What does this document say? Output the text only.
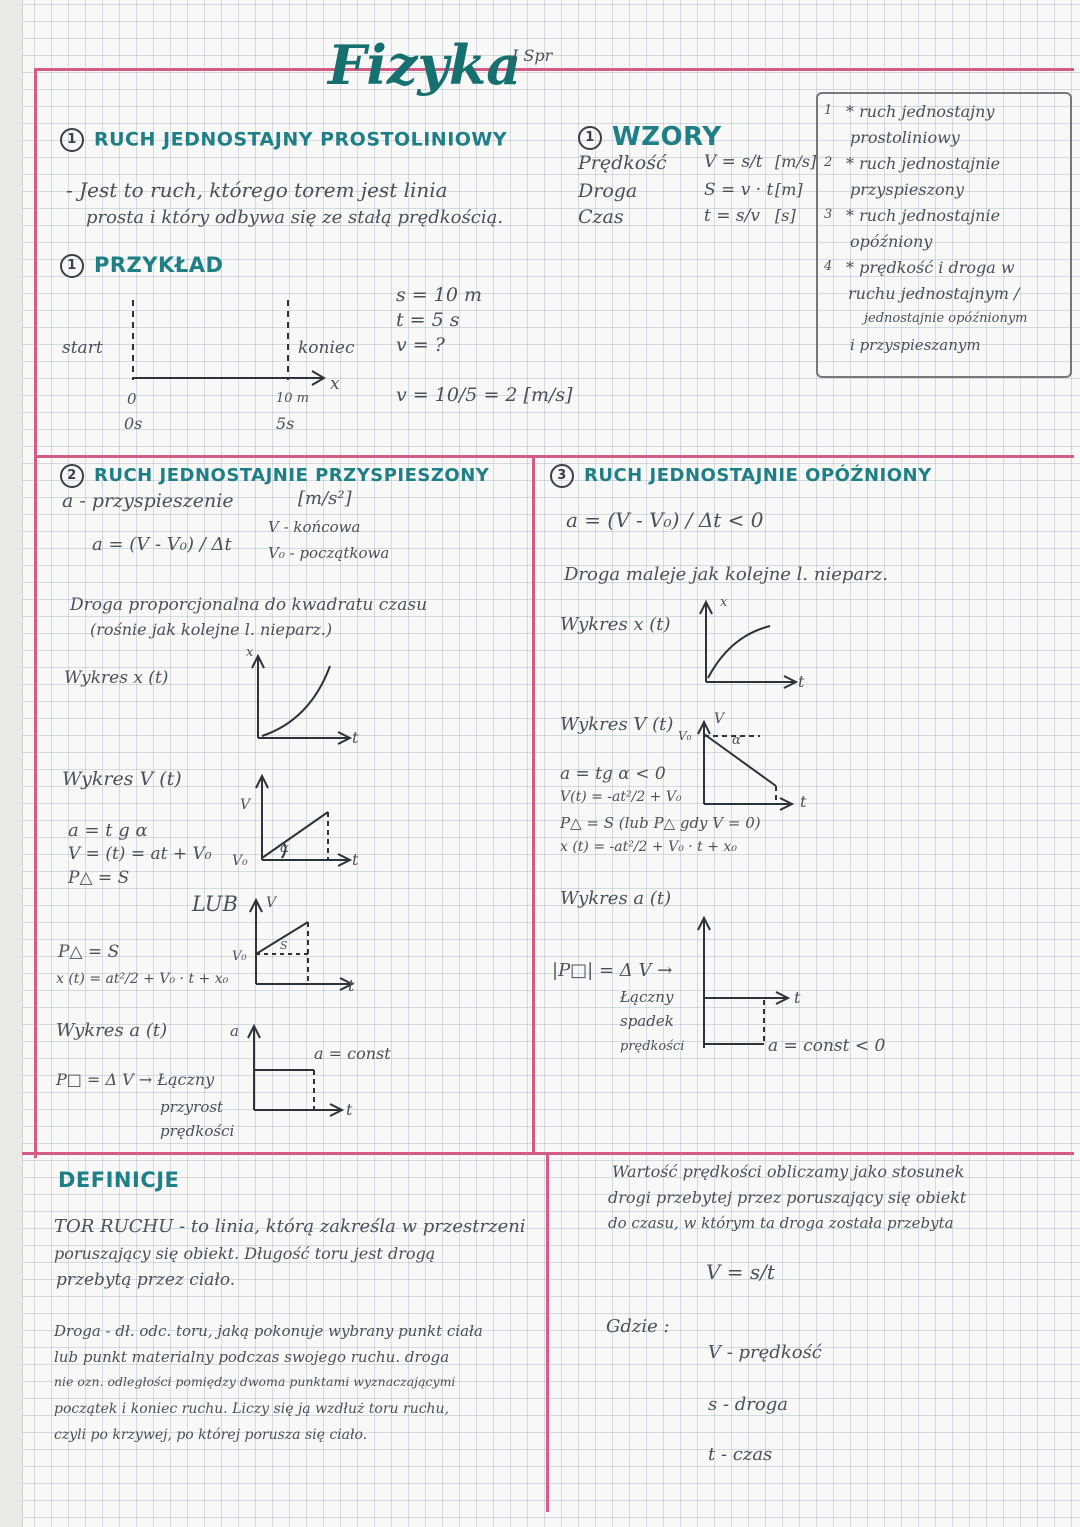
Fizyka
I Spr
1 RUCH JEDNOSTAJNY PROSTOLINIOWY
- Jest to ruch, którego torem jest linia
prosta i który odbywa się ze stałą prędkością.
1 PRZYKŁAD
start	koniec
x
0	10 m
0s	5s
s = 10 m
t = 5 s
v = ?
v = 10/5 = 2 [m/s]
1 WZORY
Prędkość V = s/t [m/s]
Droga	S = v · t [m]
Czas	t = s/v [s]
1 * ruch jednostajny
prostoliniowy
2 * ruch jednostajnie
przyspieszony
3 * ruch jednostajnie
opóźniony
4 * prędkość i droga w
ruchu jednostajnym /
jednostajnie opóźnionym
i przyspieszanym
2 RUCH JEDNOSTAJNIE PRZYSPIESZONY
a - przyspieszenie	[m/s²]
a = (V - V₀) / Δt
V - końcowa
V₀ - początkowa
Droga proporcjonalna do kwadratu czasu
(rośnie jak kolejne l. nieparz.)
Wykres x (t)
x
t
Wykres V (t)
a = t g α
V = (t) = at + V₀
P△ = S
V
V₀	t
α
LUB V
V₀
S
t
P△ = S
x (t) = at²/2 + V₀ · t + x₀
Wykres a (t)	a
t
a = const
P□ = Δ V → Łączny
przyrost
prędkości
3 RUCH JEDNOSTAJNIE OPÓŹNIONY
a = (V - V₀) / Δt < 0
Droga maleje jak kolejne l. nieparz.
Wykres x (t)
x
t
Wykres V (t)	V
V₀	α
t
a = tg α < 0
V(t) = -at²/2 + V₀
P△ = S (lub P△ gdy V = 0)
x (t) = -at²/2 + V₀ · t + x₀
Wykres a (t)
t
|P□| = Δ V →
Łączny
spadek
prędkości	a = const < 0
DEFINICJE
TOR RUCHU - to linia, którą zakreśla w przestrzeni
poruszający się obiekt. Długość toru jest drogą
przebytą przez ciało.
Droga - dł. odc. toru, jaką pokonuje wybrany punkt ciała
lub punkt materialny podczas swojego ruchu. droga
nie ozn. odległości pomiędzy dwoma punktami wyznaczającymi
początek i koniec ruchu. Liczy się ją wzdłuż toru ruchu,
czyli po krzywej, po której porusza się ciało.
Wartość prędkości obliczamy jako stosunek
drogi przebytej przez poruszający się obiekt
do czasu, w którym ta droga została przebyta
V = s/t
Gdzie :
V - prędkość
s - droga
t - czas
